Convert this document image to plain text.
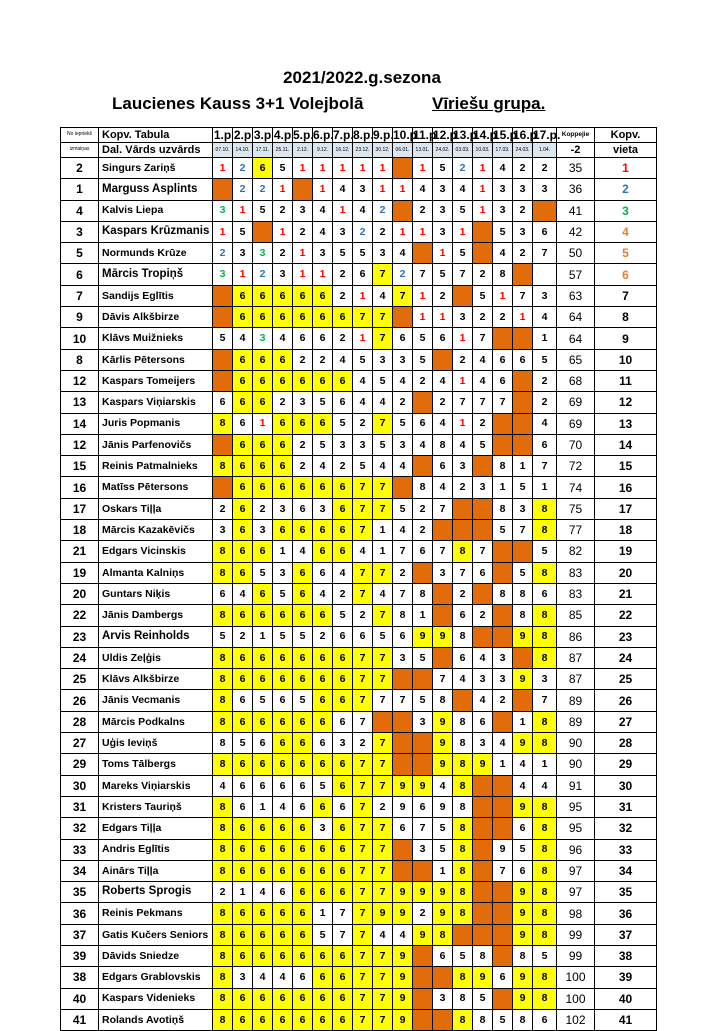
2021/2022.g.sezona
Laucienes Kauss 3+1 Volejbolā	Vīriešu grupa.
No iepriekš	Kopv. Tabula	1.p	2.p	3.p	4.p	5.p.	6.p.	7.p.	8.p.	9.p.	10.p	11.p	12.p	13.p	14.p	15.p	16.p	17.p.	Koppejie	Kopv.
izmaiņas	Dal. Vārds uzvārds	07.10.	14.10.	17.11.	25.11.	2.12.	9.12.	16.12.	23.12.	30.12.	06.01.	13.01.	24.02.	03.03.	10.03.	17.03.	24.03.	1.04.	-2	vieta
2	Singurs Zariņš	1	2	6	5	1	1	1	1	1		1	5	2	1	4	2	2	35	1
1	Marguss Asplints		2	2	1		1	4	3	1	1	4	3	4	1	3	3	3	36	2
4	Kalvis Liepa	3	1	5	2	3	4	1	4	2		2	3	5	1	3	2		41	3
3	Kaspars Krūzmanis	1	5		1	2	4	3	2	2	1	1	3	1		5	3	6	42	4
5	Normunds Krūze	2	3	3	2	1	3	5	5	3	4		1	5		4	2	7	50	5
6	Mārcis Tropiņš	3	1	2	3	1	1	2	6	7	2	7	5	7	2	8			57	6
7	Sandijs Eglītis		6	6	6	6	6	2	1	4	7	1	2		5	1	7	3	63	7
9	Dāvis Alkšbirze		6	6	6	6	6	6	7	7		1	1	3	2	2	1	4	64	8
10	Klāvs Muižnieks	5	4	3	4	6	6	2	1	7	6	5	6	1	7			1	64	9
8	Kārlis Pētersons		6	6	6	2	2	4	5	3	3	5		2	4	6	6	5	65	10
12	Kaspars Tomeijers		6	6	6	6	6	6	4	5	4	2	4	1	4	6		2	68	11
13	Kaspars Viņiarskis	6	6	6	2	3	5	6	4	4	2		2	7	7	7		2	69	12
14	Juris Popmanis	8	6	1	6	6	6	5	2	7	5	6	4	1	2			4	69	13
12	Jānis Parfenovičs		6	6	6	2	5	3	3	5	3	4	8	4	5			6	70	14
15	Reinis Patmalnieks	8	6	6	6	2	4	2	5	4	4		6	3		8	1	7	72	15
16	Matīss Pētersons		6	6	6	6	6	6	7	7		8	4	2	3	1	5	1	74	16
17	Oskars Tiļļa	2	6	2	3	6	3	6	7	7	5	2	7			8	3	8	75	17
18	Mārcis Kazakēvičs	3	6	3	6	6	6	6	7	1	4	2				5	7	8	77	18
21	Edgars Vicinskis	8	6	6	1	4	6	6	4	1	7	6	7	8	7			5	82	19
19	Almanta Kalniņs	8	6	5	3	6	6	4	7	7	2		3	7	6		5	8	83	20
20	Guntars Niķis	6	4	6	5	6	4	2	7	4	7	8		2		8	8	6	83	21
22	Jānis Dambergs	8	6	6	6	6	6	5	2	7	8	1		6	2		8	8	85	22
23	Arvis Reinholds	5	2	1	5	5	2	6	6	5	6	9	9	8			9	8	86	23
24	Uldis Zeļģis	8	6	6	6	6	6	6	7	7	3	5		6	4	3		8	87	24
25	Klāvs Alkšbirze	8	6	6	6	6	6	6	7	7			7	4	3	3	9	3	87	25
26	Jānis Vecmanis	8	6	5	6	5	6	6	7	7	7	5	8		4	2		7	89	26
28	Mārcis Podkalns	8	6	6	6	6	6	6	7			3	9	8	6		1	8	89	27
27	Uģis Ieviņš	8	5	6	6	6	6	3	2	7			9	8	3	4	9	8	90	28
29	Toms Tālbergs	8	6	6	6	6	6	6	7	7			9	8	9	1	4	1	90	29
30	Mareks Viņiarskis	4	6	6	6	6	5	6	7	7	9	9	4	8			4	4	91	30
31	Kristers Tauriņš	8	6	1	4	6	6	6	7	2	9	6	9	8			9	8	95	31
32	Edgars Tiļļa	8	6	6	6	6	3	6	7	7	6	7	5	8			6	8	95	32
33	Andris Eglītis	8	6	6	6	6	6	6	7	7		3	5	8		9	5	8	96	33
34	Ainārs Tiļļa	8	6	6	6	6	6	6	7	7			1	8		7	6	8	97	34
35	Roberts Sprogis	2	1	4	6	6	6	6	7	7	9	9	9	8			9	8	97	35
36	Reinis Pekmans	8	6	6	6	6	1	7	7	9	9	2	9	8			9	8	98	36
37	Gatis Kučers Seniors	8	6	6	6	6	5	7	7	4	4	9	8				9	8	99	37
39	Dāvids Sniedze	8	6	6	6	6	6	6	7	7	9		6	5	8		8	5	99	38
38	Edgars Grablovskis	8	3	4	4	6	6	6	7	7	9			8	9	6	9	8	100	39
40	Kaspars Videnieks	8	6	6	6	6	6	6	7	7	9		3	8	5		9	8	100	40
41	Rolands Avotiņš	8	6	6	6	6	6	6	7	7	9			8	8	5	8	6	102	41
